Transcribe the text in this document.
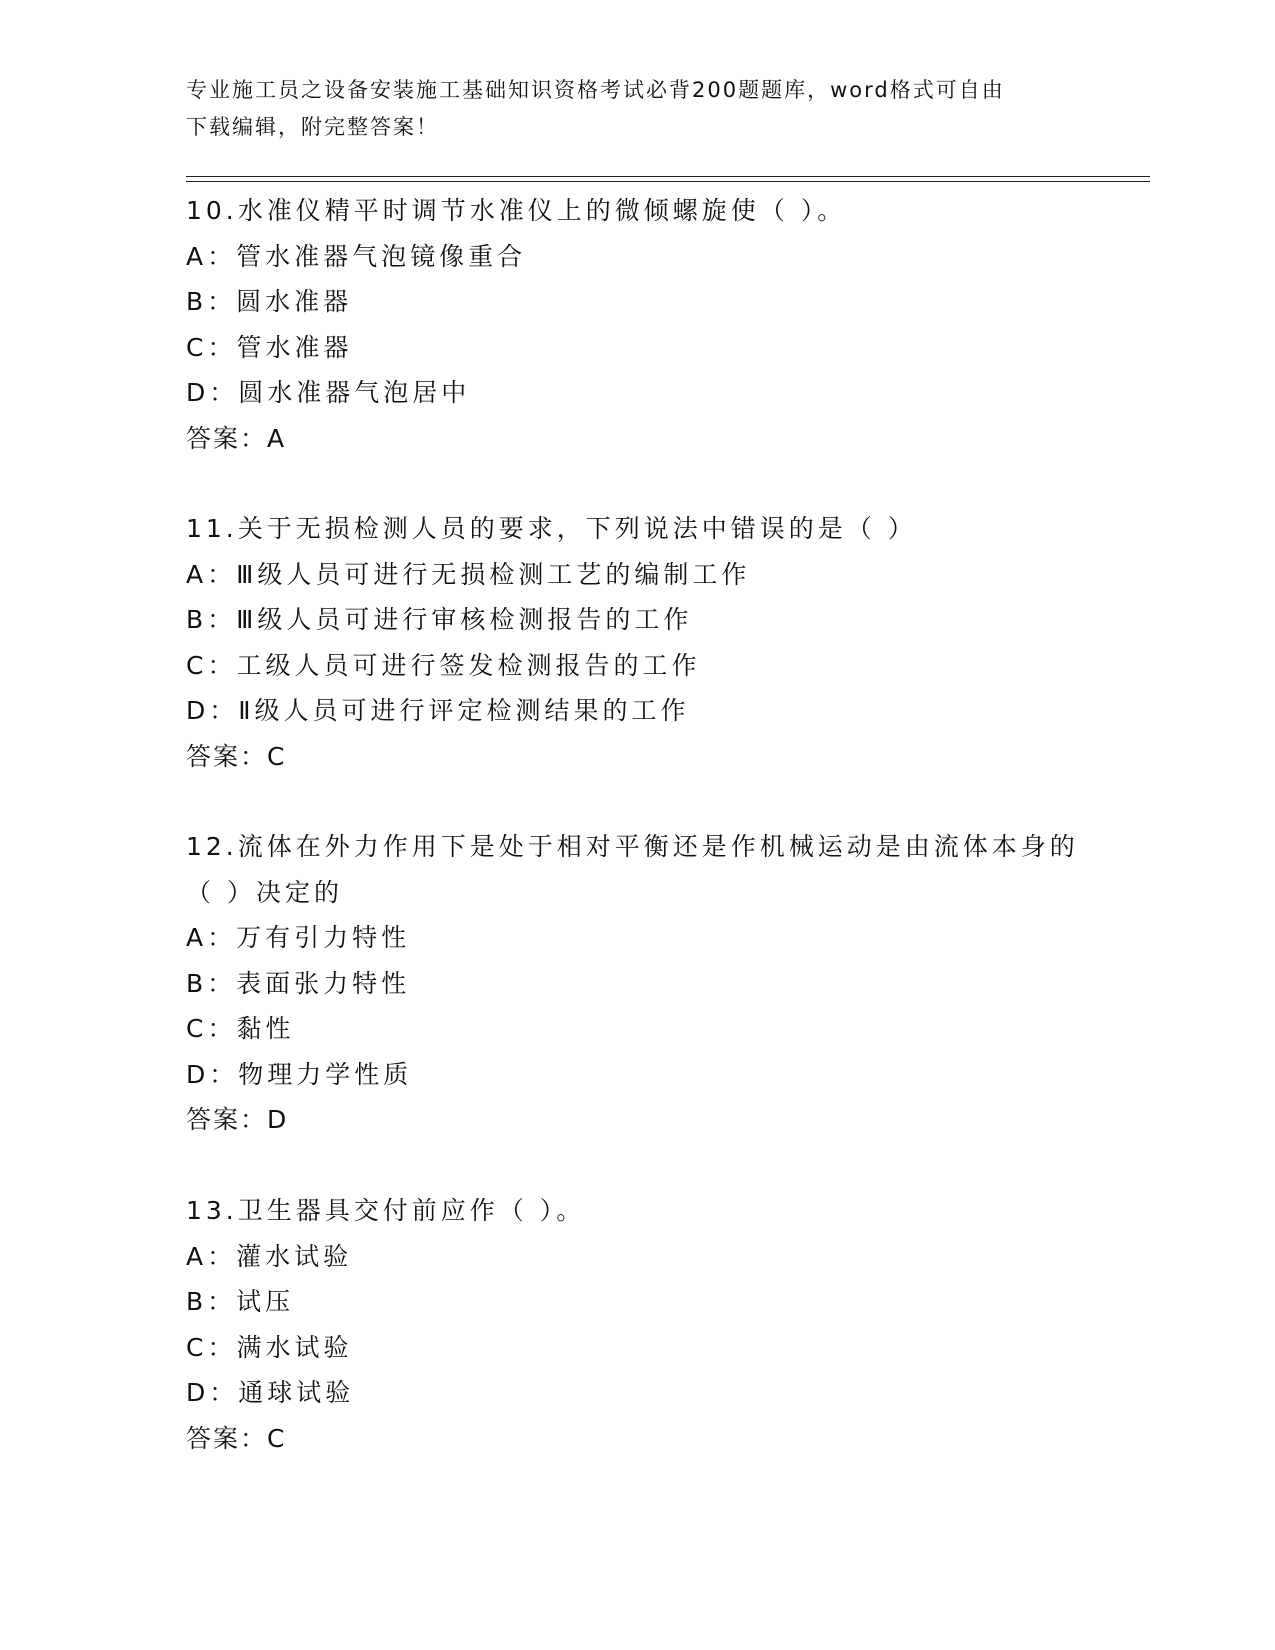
专业施工员之设备安装施工基础知识资格考试必背200题题库，word格式可自由
下载编辑，附完整答案！
10.水准仪精平时调节水准仪上的微倾螺旋使（ ）。
A：管水准器气泡镜像重合
B：圆水准器
C：管水准器
D：圆水准器气泡居中
答案：A
11.关于无损检测人员的要求，下列说法中错误的是（ ）
A：Ⅲ级人员可进行无损检测工艺的编制工作
B：Ⅲ级人员可进行审核检测报告的工作
C：工级人员可进行签发检测报告的工作
D：Ⅱ级人员可进行评定检测结果的工作
答案：C
12.流体在外力作用下是处于相对平衡还是作机械运动是由流体本身的
（ ）决定的
A：万有引力特性
B：表面张力特性
C：黏性
D：物理力学性质
答案：D
13.卫生器具交付前应作（ ）。
A：灌水试验
B：试压
C：满水试验
D：通球试验
答案：C
